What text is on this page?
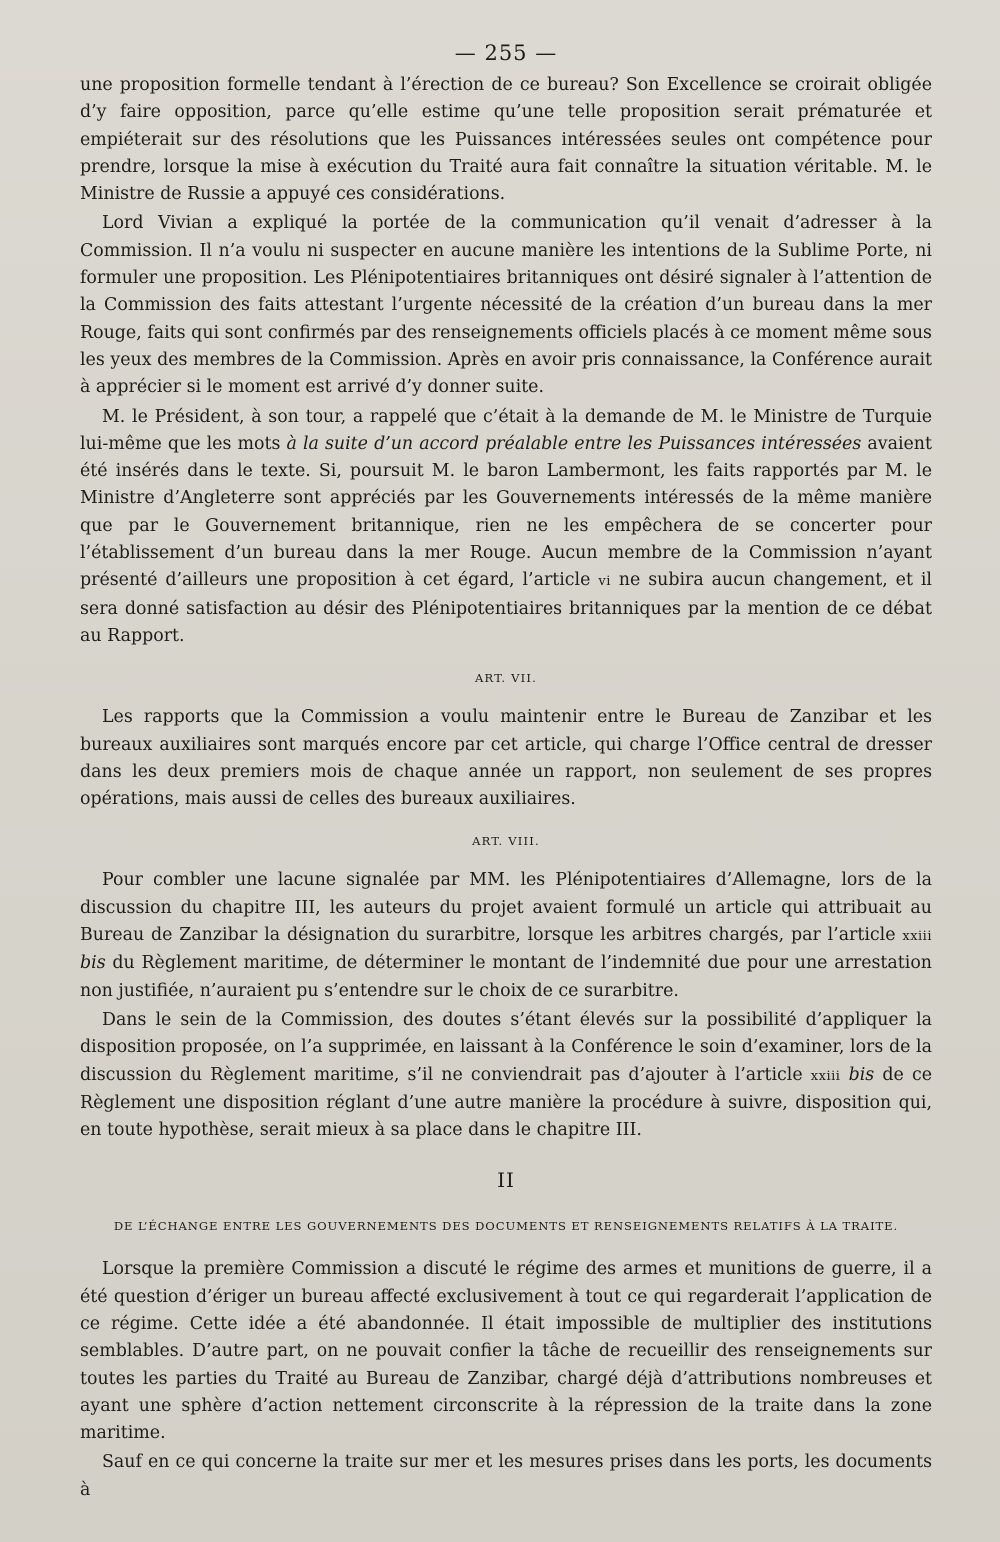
— 255 —

une proposition formelle tendant à l’érection de ce bureau? Son Excellence se croirait obligée d’y faire opposition, parce qu’elle estime qu’une telle proposition serait prématurée et empiéterait sur des résolutions que les Puissances intéressées seules ont compétence pour prendre, lorsque la mise à exécution du Traité aura fait connaître la situation véritable. M. le Ministre de Russie a appuyé ces considérations.

Lord Vivian a expliqué la portée de la communication qu’il venait d’adresser à la Commission. Il n’a voulu ni suspecter en aucune manière les intentions de la Sublime Porte, ni formuler une proposition. Les Plénipotentiaires britanniques ont désiré signaler à l’attention de la Commission des faits attestant l’urgente nécessité de la création d’un bureau dans la mer Rouge, faits qui sont confirmés par des renseignements officiels placés à ce moment même sous les yeux des membres de la Commission. Après en avoir pris connaissance, la Conférence aurait à apprécier si le moment est arrivé d’y donner suite.

M. le Président, à son tour, a rappelé que c’était à la demande de M. le Ministre de Turquie lui-même que les mots à la suite d’un accord préalable entre les Puissances intéressées avaient été insérés dans le texte. Si, poursuit M. le baron Lambermont, les faits rapportés par M. le Ministre d’Angleterre sont appréciés par les Gouvernements intéressés de la même manière que par le Gouvernement britannique, rien ne les empêchera de se concerter pour l’établissement d’un bureau dans la mer Rouge. Aucun membre de la Commission n’ayant présenté d’ailleurs une proposition à cet égard, l’article vi ne subira aucun changement, et il sera donné satisfaction au désir des Plénipotentiaires britanniques par la mention de ce débat au Rapport.

ART. VII.

Les rapports que la Commission a voulu maintenir entre le Bureau de Zanzibar et les bureaux auxiliaires sont marqués encore par cet article, qui charge l’Office central de dresser dans les deux premiers mois de chaque année un rapport, non seulement de ses propres opérations, mais aussi de celles des bureaux auxiliaires.

ART. VIII.

Pour combler une lacune signalée par MM. les Plénipotentiaires d’Allemagne, lors de la discussion du chapitre III, les auteurs du projet avaient formulé un article qui attribuait au Bureau de Zanzibar la désignation du surarbitre, lorsque les arbitres chargés, par l’article xxiii bis du Règlement maritime, de déterminer le montant de l’indemnité due pour une arrestation non justifiée, n’auraient pu s’entendre sur le choix de ce surarbitre.

Dans le sein de la Commission, des doutes s’étant élevés sur la possibilité d’appliquer la disposition proposée, on l’a supprimée, en laissant à la Conférence le soin d’examiner, lors de la discussion du Règlement maritime, s’il ne conviendrait pas d’ajouter à l’article xxiii bis de ce Règlement une disposition réglant d’une autre manière la procédure à suivre, disposition qui, en toute hypothèse, serait mieux à sa place dans le chapitre III.

II
DE L’ÉCHANGE ENTRE LES GOUVERNEMENTS DES DOCUMENTS ET RENSEIGNEMENTS RELATIFS À LA TRAITE.

Lorsque la première Commission a discuté le régime des armes et munitions de guerre, il a été question d’ériger un bureau affecté exclusivement à tout ce qui regarderait l’application de ce régime. Cette idée a été abandonnée. Il était impossible de multiplier des institutions semblables. D’autre part, on ne pouvait confier la tâche de recueillir des renseignements sur toutes les parties du Traité au Bureau de Zanzibar, chargé déjà d’attributions nombreuses et ayant une sphère d’action nettement circonscrite à la répression de la traite dans la zone maritime.

Sauf en ce qui concerne la traite sur mer et les mesures prises dans les ports, les documents à
